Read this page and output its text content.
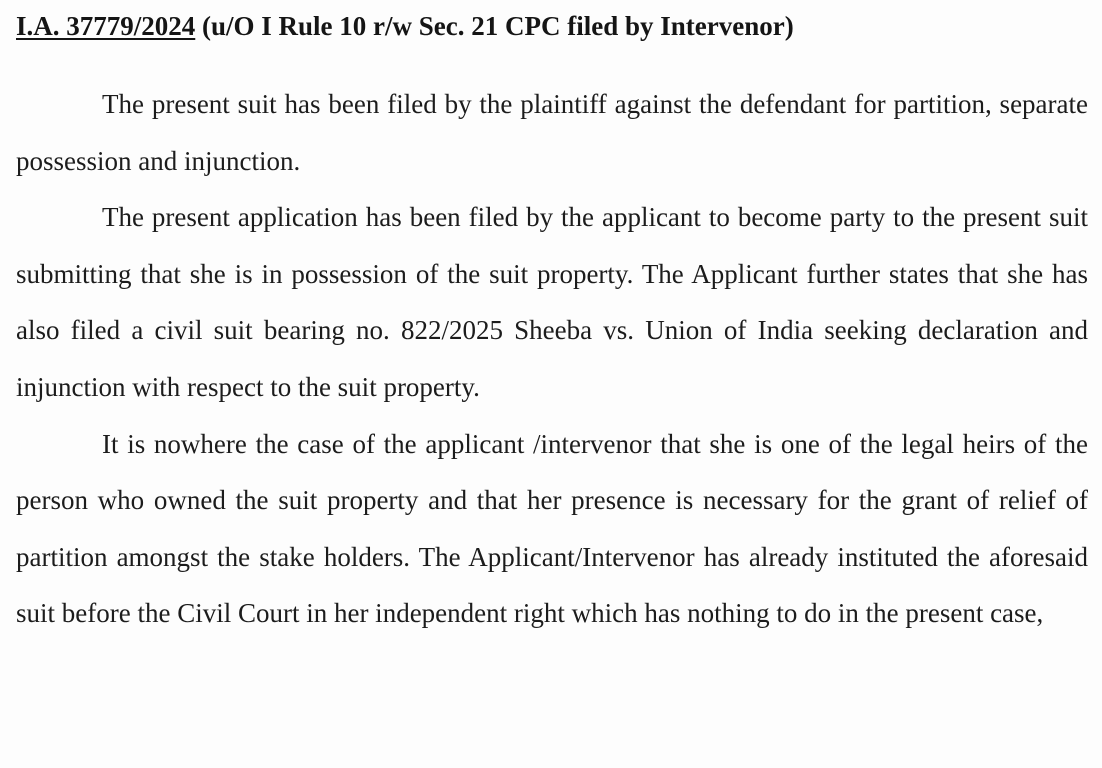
I.A. 37779/2024 (u/O I Rule 10 r/w Sec. 21 CPC filed by Intervenor)

The present suit has been filed by the plaintiff against the defendant for partition, separate possession and injunction.

The present application has been filed by the applicant to become party to the present suit submitting that she is in possession of the suit property. The Applicant further states that she has also filed a civil suit bearing no. 822/2025 Sheeba vs. Union of India seeking declaration and injunction with respect to the suit property.

It is nowhere the case of the applicant /intervenor that she is one of the legal heirs of the person who owned the suit property and that her presence is necessary for the grant of relief of partition amongst the stake holders. The Applicant/Intervenor has already instituted the aforesaid suit before the Civil Court in her independent right which has nothing to do in the present case,
